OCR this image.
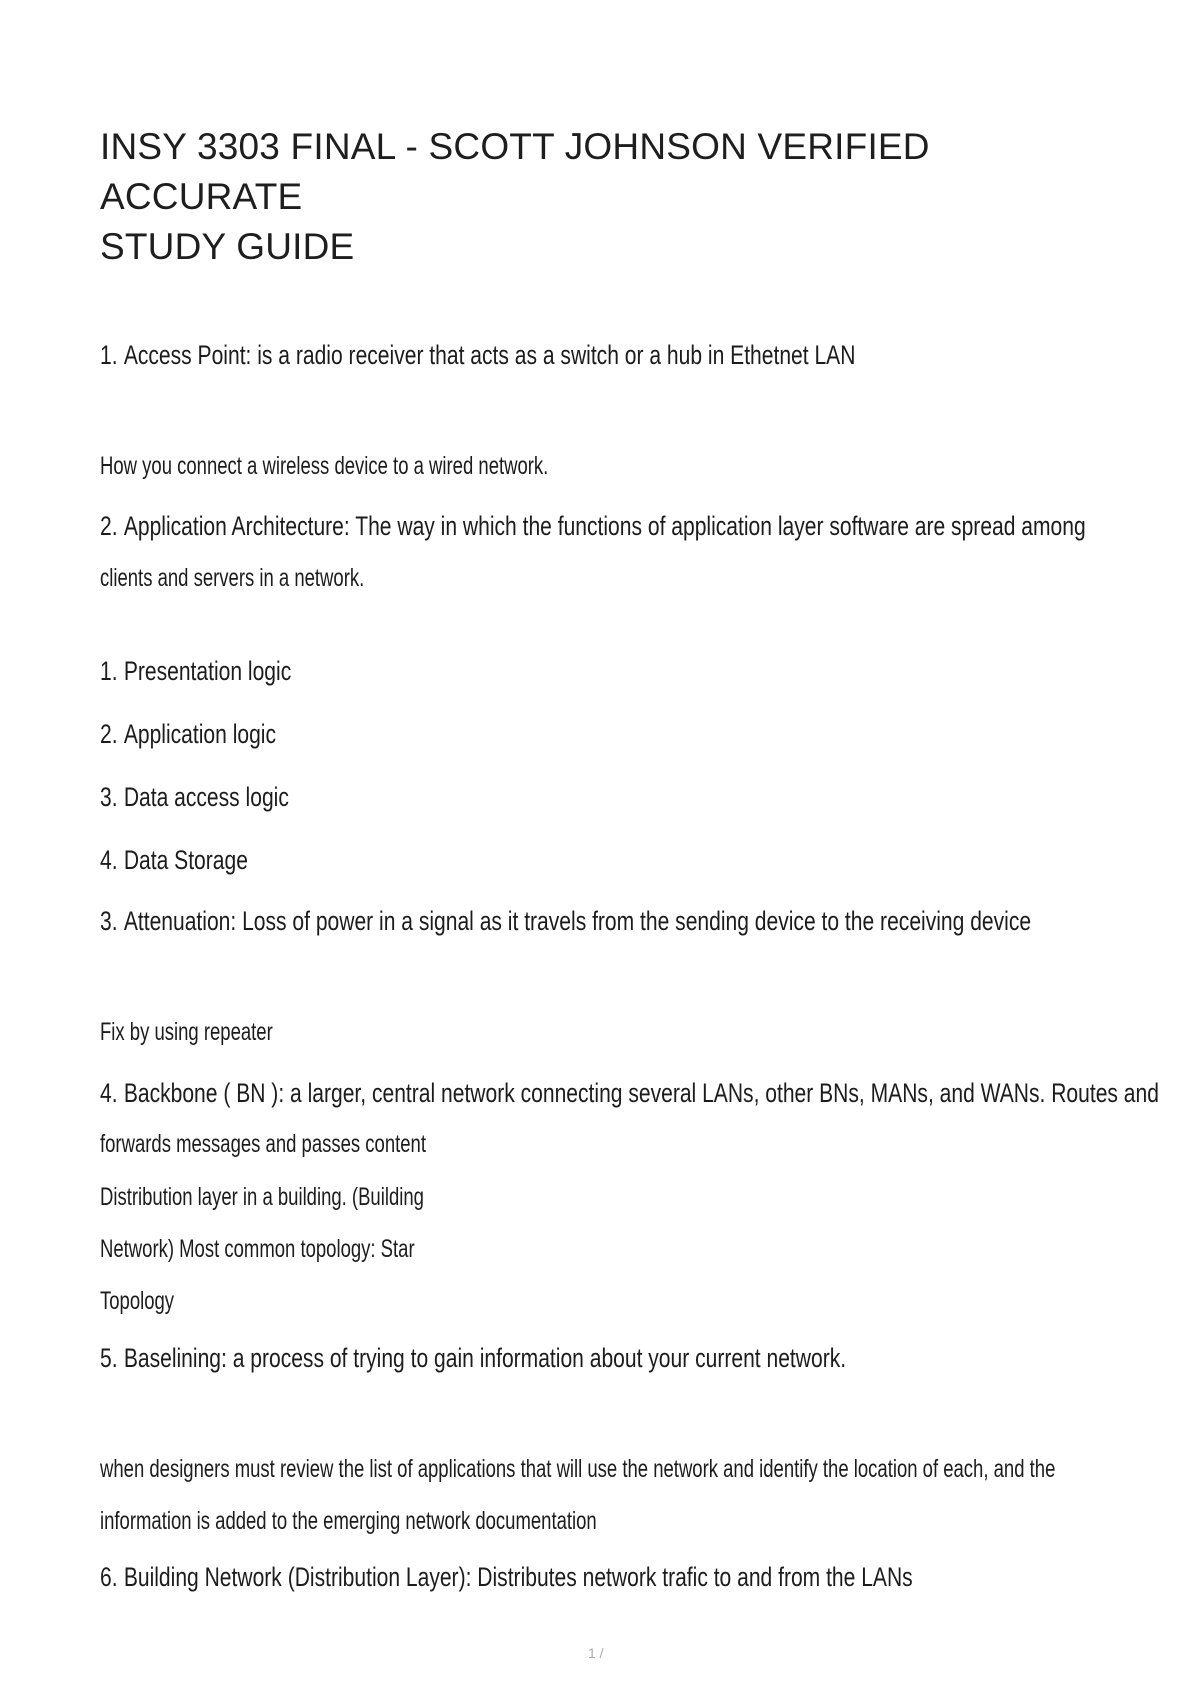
INSY 3303 FINAL - SCOTT JOHNSON VERIFIED ACCURATE
STUDY GUIDE
1. Access Point: is a radio receiver that acts as a switch or a hub in Ethetnet LAN
How you connect a wireless device to a wired network.
2. Application Architecture: The way in which the functions of application layer software are spread among
clients and servers in a network.
1. Presentation logic
2. Application logic
3. Data access logic
4. Data Storage
3. Attenuation: Loss of power in a signal as it travels from the sending device to the receiving device
Fix by using repeater
4. Backbone ( BN ): a larger, central network connecting several LANs, other BNs, MANs, and WANs. Routes and
forwards messages and passes content
Distribution layer in a building. (Building
Network) Most common topology: Star
Topology
5. Baselining: a process of trying to gain information about your current network.
when designers must review the list of applications that will use the network and identify the location of each, and the
information is added to the emerging network documentation
6. Building Network (Distribution Layer): Distributes network trafic to and from the LANs
1 /
